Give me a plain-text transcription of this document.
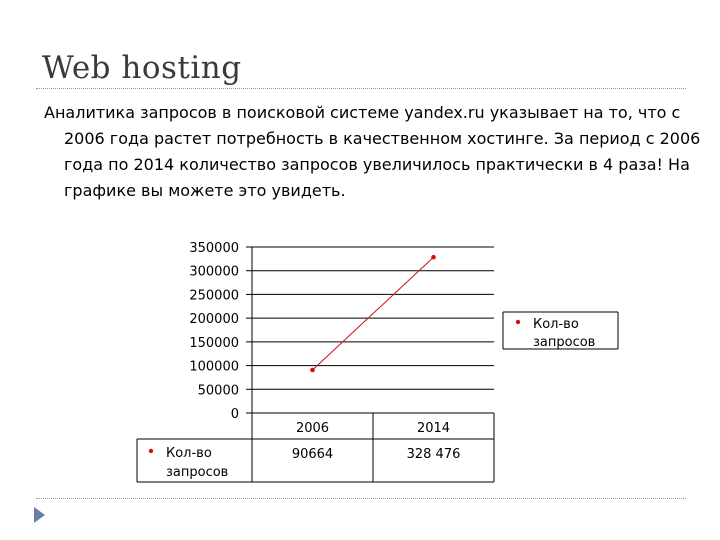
Web hosting
Аналитика запросов в поисковой системе yandex.ru указывает на то, что с 2006 года растет потребность в качественном хостинге. За период с 2006 года по 2014 количество запросов увеличилось практически в 4 раза! На графике вы можете это увидеть.
0
50000
100000
150000
200000
250000
300000
350000
2006	2014
90664	328 476
Кол-во
запросов
Кол-во
запросов
